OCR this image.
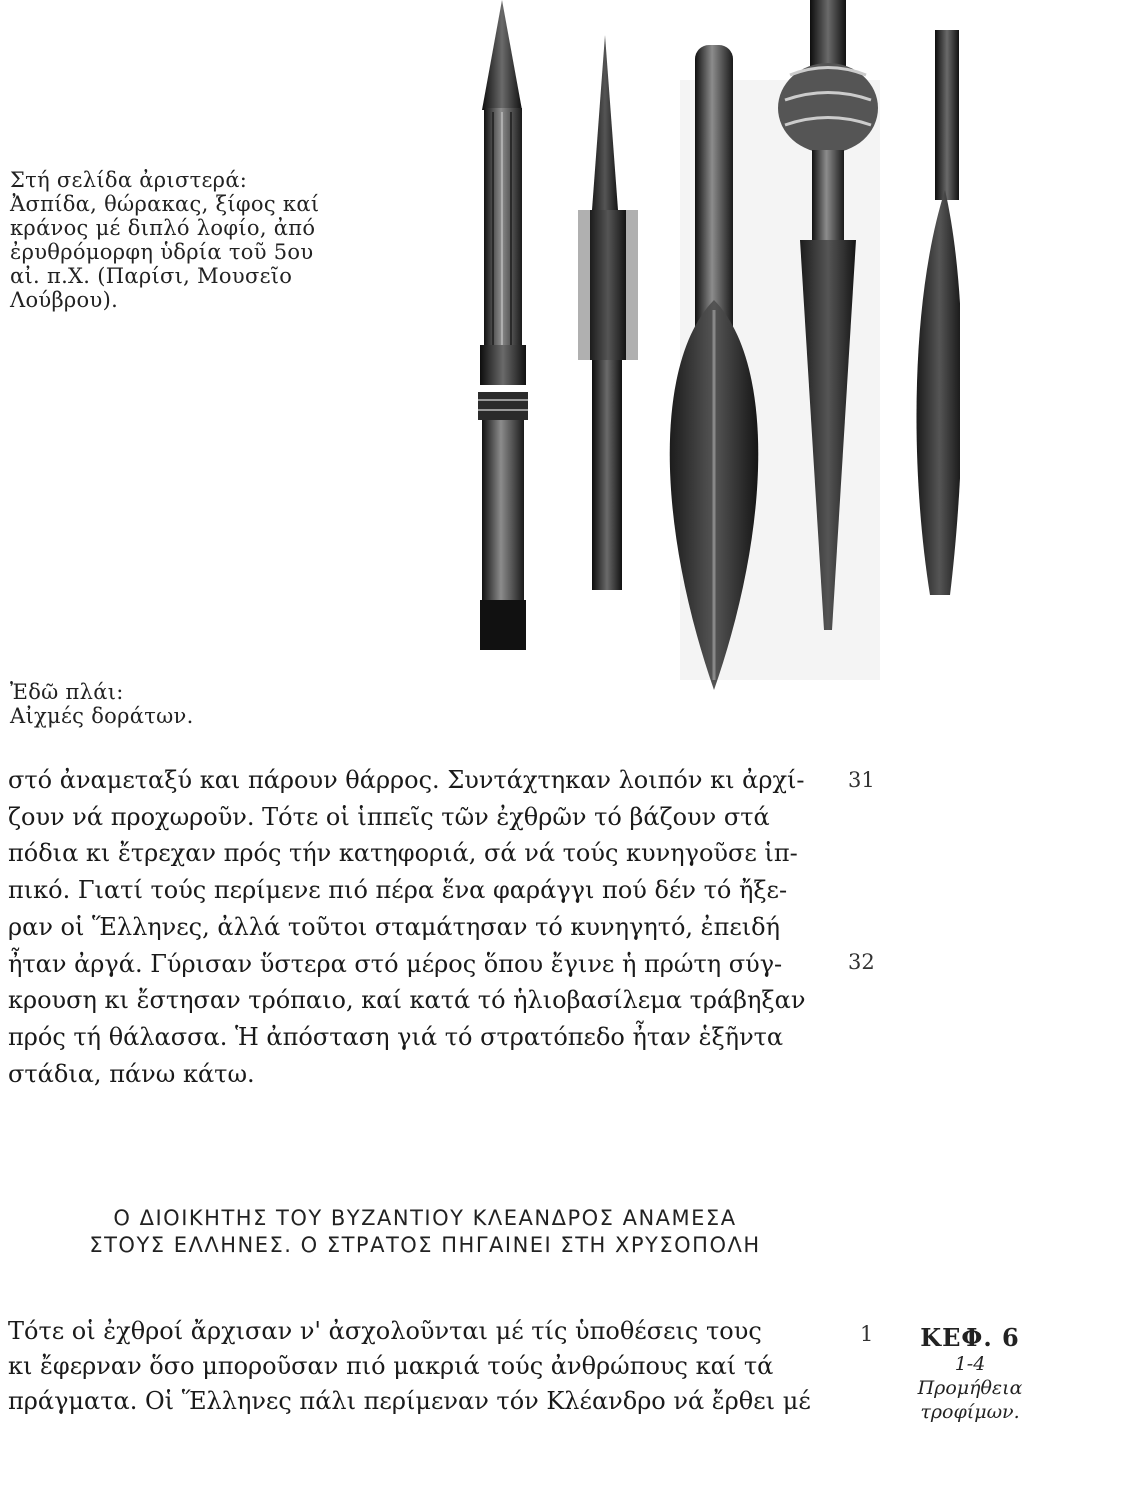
Στή σελίδα ἀριστερά:
Ἀσπίδα, θώρακας, ξίφος καί
κράνος μέ διπλό λοφίο, ἀπό
ἐρυθρόμορφη ὑδρία τοῦ 5ου
αἰ. π.Χ. (Παρίσι, Μουσεῖο
Λούβρου).
Ἐδῶ πλάι:
Αἰχμές δοράτων.
στό ἀναμεταξύ και πάρουν θάρρος. Συντάχτηκαν λοιπόν κι ἀρχί-
ζουν νά προχωροῦν. Τότε οἱ ἱππεῖς τῶν ἐχθρῶν τό βάζουν στά
πόδια κι ἔτρεχαν πρός τήν κατηφοριά, σά νά τούς κυνηγοῦσε ἱπ-
πικό. Γιατί τούς περίμενε πιό πέρα ἕνα φαράγγι πού δέν τό ἤξε-
ραν οἱ Ἕλληνες, ἀλλά τοῦτοι σταμάτησαν τό κυνηγητό, ἐπειδή
ἦταν ἀργά. Γύρισαν ὕστερα στό μέρος ὅπου ἔγινε ἡ πρώτη σύγ-
κρουση κι ἔστησαν τρόπαιο, καί κατά τό ἡλιοβασίλεμα τράβηξαν
πρός τή θάλασσα. Ἡ ἀπόσταση γιά τό στρατόπεδο ἦταν ἑξῆντα
στάδια, πάνω κάτω.
31
32
Ο ΔΙΟΙΚΗΤΗΣ ΤΟΥ ΒΥΖΑΝΤΙΟΥ ΚΛΕΑΝΔΡΟΣ ΑΝΑΜΕΣΑ
ΣΤΟΥΣ ΕΛΛΗΝΕΣ. Ο ΣΤΡΑΤΟΣ ΠΗΓΑΙΝΕΙ ΣΤΗ ΧΡΥΣΟΠΟΛΗ
Τότε οἱ ἐχθροί ἄρχισαν ν' ἀσχολοῦνται μέ τίς ὑποθέσεις τους
κι ἔφερναν ὅσο μποροῦσαν πιό μακριά τούς ἀνθρώπους καί τά
πράγματα. Οἱ Ἕλληνες πάλι περίμεναν τόν Κλέανδρο νά ἔρθει μέ
1	ΚΕΦ. 6
1-4
Προμήθεια
τροφίμων.
